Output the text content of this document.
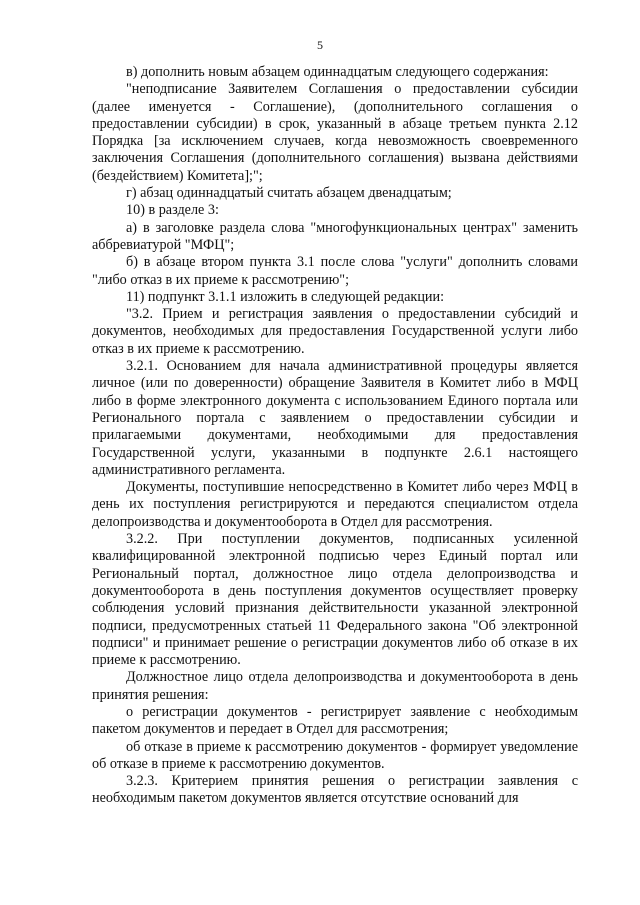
5

в) дополнить новым абзацем одиннадцатым следующего содержания:

"неподписание Заявителем Соглашения о предоставлении субсидии (далее именуется - Соглашение), (дополнительного соглашения о предоставлении субсидии) в срок, указанный в абзаце третьем пункта 2.12 Порядка [за исключением случаев, когда невозможность своевременного заключения Соглашения (дополнительного соглашения) вызвана действиями (бездействием) Комитета];";

г) абзац одиннадцатый считать абзацем двенадцатым;

10) в разделе 3:

а) в заголовке раздела слова "многофункциональных центрах" заменить аббревиатурой "МФЦ";

б) в абзаце втором пункта 3.1 после слова "услуги" дополнить словами "либо отказ в их приеме к рассмотрению";

11) подпункт 3.1.1 изложить в следующей редакции:

"3.2. Прием и регистрация заявления о предоставлении субсидий и документов, необходимых для предоставления Государственной услуги либо отказ в их приеме к рассмотрению.

3.2.1. Основанием для начала административной процедуры является личное (или по доверенности) обращение Заявителя в Комитет либо в МФЦ либо в форме электронного документа с использованием Единого портала или Регионального портала с заявлением о предоставлении субсидии и прилагаемыми документами, необходимыми для предоставления Государственной услуги, указанными в подпункте 2.6.1 настоящего административного регламента.

Документы, поступившие непосредственно в Комитет либо через МФЦ в день их поступления регистрируются и передаются специалистом отдела делопроизводства и документооборота в Отдел для рассмотрения.

3.2.2. При поступлении документов, подписанных усиленной квалифицированной электронной подписью через Единый портал или Региональный портал, должностное лицо отдела делопроизводства и документооборота в день поступления документов осуществляет проверку соблюдения условий признания действительности указанной электронной подписи, предусмотренных статьей 11 Федерального закона "Об электронной подписи" и принимает решение о регистрации документов либо об отказе в их приеме к рассмотрению.

Должностное лицо отдела делопроизводства и документооборота в день принятия решения:

о регистрации документов - регистрирует заявление с необходимым пакетом документов и передает в Отдел для рассмотрения;

об отказе в приеме к рассмотрению документов - формирует уведомление об отказе в приеме к рассмотрению документов.

3.2.3. Критерием принятия решения о регистрации заявления с необходимым пакетом документов является отсутствие оснований для
